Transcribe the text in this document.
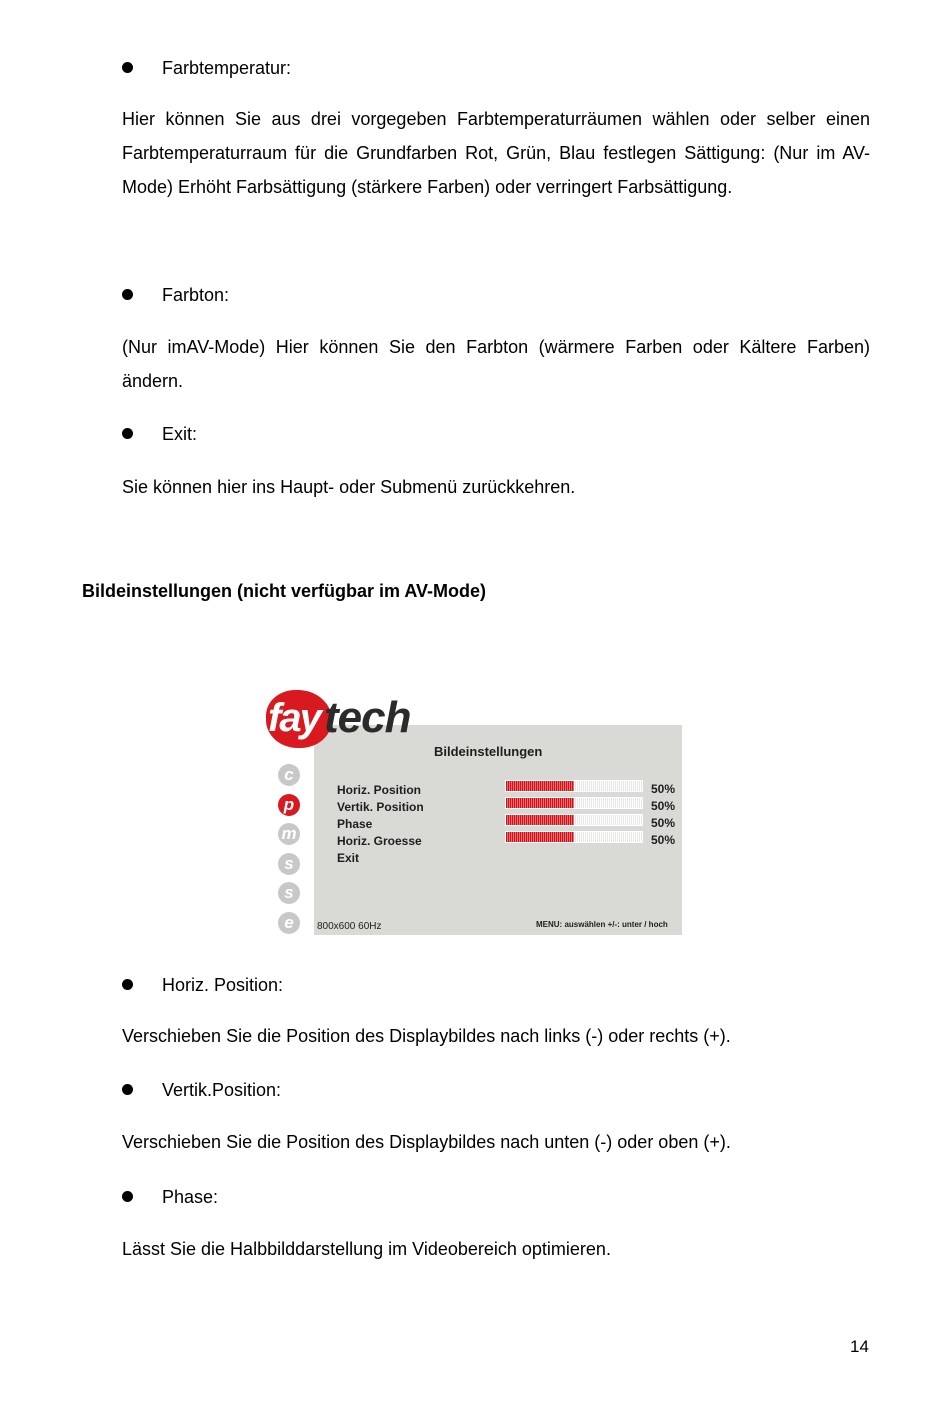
Farbtemperatur:

Hier können Sie aus drei vorgegeben Farbtemperaturräumen wählen oder selber einen Farbtemperaturraum für die Grundfarben Rot, Grün, Blau festlegen Sättigung: (Nur im AV-Mode) Erhöht Farbsättigung (stärkere Farben) oder verringert Farbsättigung.

Farbton:

(Nur imAV-Mode) Hier können Sie den Farbton (wärmere Farben oder Kältere Farben) ändern.

Exit:

Sie können hier ins Haupt- oder Submenü zurückkehren.

Bildeinstellungen (nicht verfügbar im AV-Mode)
fay tech
Bildeinstellungen
c
p
m
s
s
e
Horiz. Position
Vertik. Position
Phase
Horiz. Groesse
Exit
50%
50%
50%
50%
800x600 60Hz	MENU: auswählen +/-: unter / hoch
Horiz. Position:

Verschieben Sie die Position des Displaybildes nach links (-) oder rechts (+).

Vertik.Position:

Verschieben Sie die Position des Displaybildes nach unten (-) oder oben (+).

Phase:

Lässt Sie die Halbbilddarstellung im Videobereich optimieren.

14
